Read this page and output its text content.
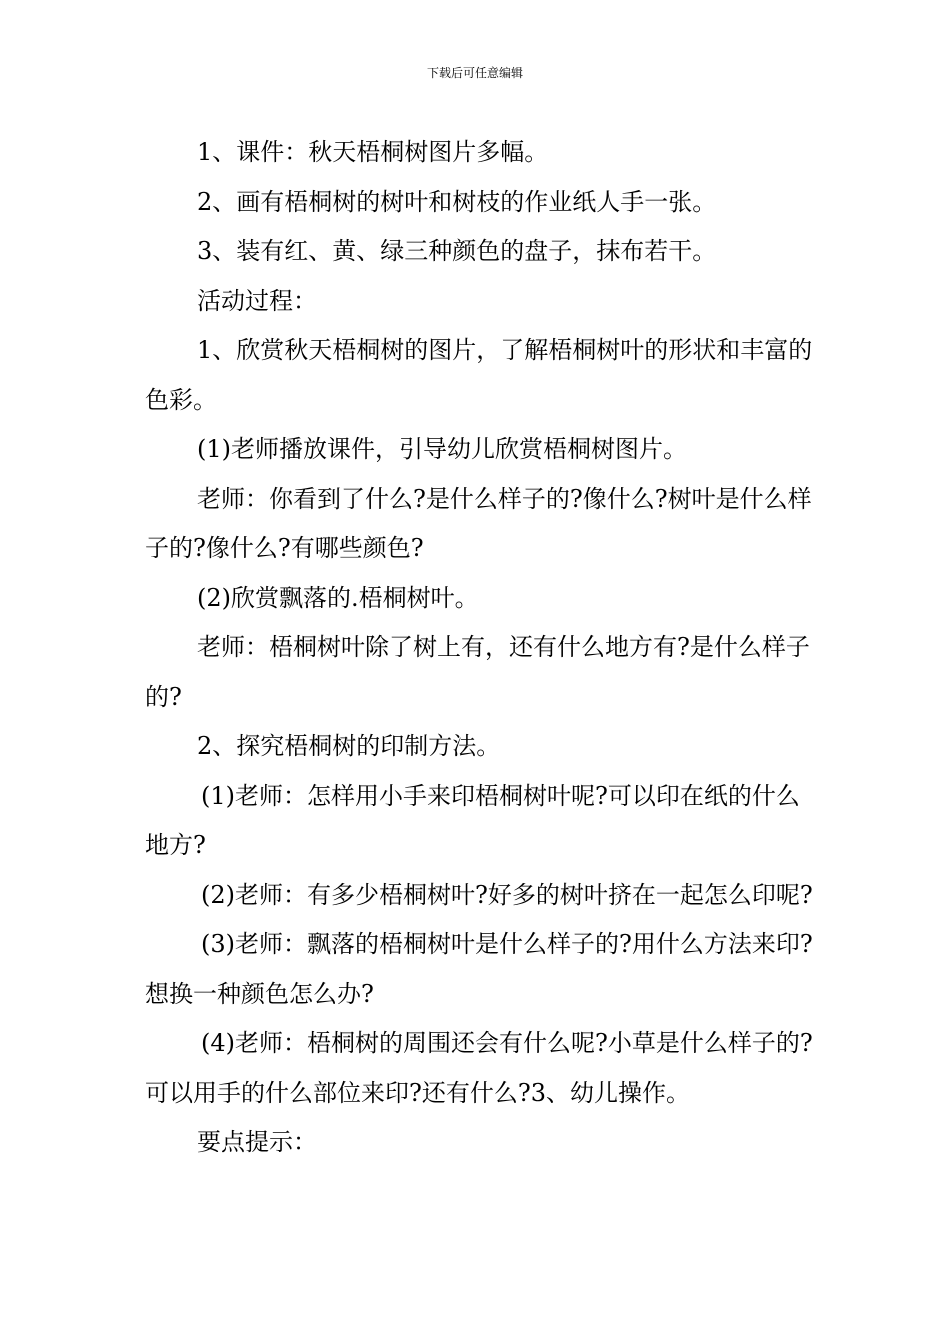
下载后可任意编辑

1、课件：秋天梧桐树图片多幅。

2、画有梧桐树的树叶和树枝的作业纸人手一张。

3、装有红、黄、绿三种颜色的盘子，抹布若干。

活动过程：

1、欣赏秋天梧桐树的图片，了解梧桐树叶的形状和丰富的色彩。

(1)老师播放课件，引导幼儿欣赏梧桐树图片。

老师：你看到了什么?是什么样子的?像什么?树叶是什么样子的?像什么?有哪些颜色?

(2)欣赏飘落的.梧桐树叶。

老师：梧桐树叶除了树上有，还有什么地方有?是什么样子的?

2、探究梧桐树的印制方法。

(1)老师：怎样用小手来印梧桐树叶呢?可以印在纸的什么地方?

(2)老师：有多少梧桐树叶?好多的树叶挤在一起怎么印呢?

(3)老师：飘落的梧桐树叶是什么样子的?用什么方法来印?想换一种颜色怎么办?

(4)老师：梧桐树的周围还会有什么呢?小草是什么样子的?可以用手的什么部位来印?还有什么?3、幼儿操作。

要点提示：
